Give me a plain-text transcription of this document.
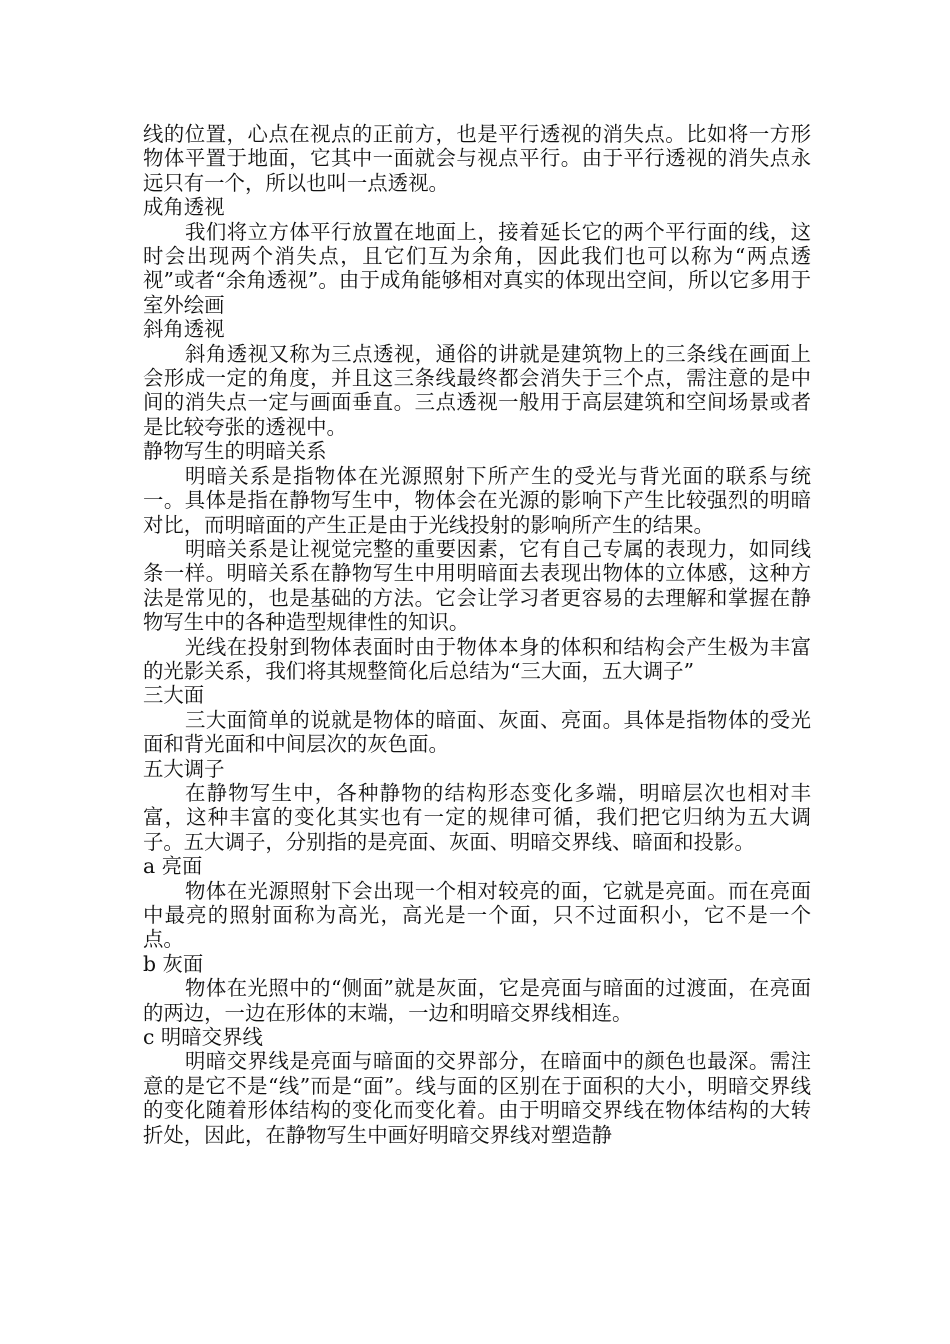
线的位置，心点在视点的正前方，也是平行透视的消失点。比如将一方形物体平置于地面，它其中一面就会与视点平行。由于平行透视的消失点永远只有一个，所以也叫一点透视。

成角透视

我们将立方体平行放置在地面上，接着延长它的两个平行面的线，这时会出现两个消失点，且它们互为余角，因此我们也可以称为“两点透视”或者“余角透视”。由于成角能够相对真实的体现出空间，所以它多用于室外绘画

斜角透视

斜角透视又称为三点透视，通俗的讲就是建筑物上的三条线在画面上会形成一定的角度，并且这三条线最终都会消失于三个点，需注意的是中间的消失点一定与画面垂直。三点透视一般用于高层建筑和空间场景或者是比较夸张的透视中。

静物写生的明暗关系

明暗关系是指物体在光源照射下所产生的受光与背光面的联系与统一。具体是指在静物写生中，物体会在光源的影响下产生比较强烈的明暗对比，而明暗面的产生正是由于光线投射的影响所产生的结果。

明暗关系是让视觉完整的重要因素，它有自己专属的表现力，如同线条一样。明暗关系在静物写生中用明暗面去表现出物体的立体感，这种方法是常见的，也是基础的方法。它会让学习者更容易的去理解和掌握在静物写生中的各种造型规律性的知识。

光线在投射到物体表面时由于物体本身的体积和结构会产生极为丰富的光影关系，我们将其规整简化后总结为“三大面，五大调子”

三大面

三大面简单的说就是物体的暗面、灰面、亮面。具体是指物体的受光面和背光面和中间层次的灰色面。

五大调子

在静物写生中，各种静物的结构形态变化多端，明暗层次也相对丰富，这种丰富的变化其实也有一定的规律可循，我们把它归纳为五大调子。五大调子，分别指的是亮面、灰面、明暗交界线、暗面和投影。

a 亮面

物体在光源照射下会出现一个相对较亮的面，它就是亮面。而在亮面中最亮的照射面称为高光，高光是一个面，只不过面积小，它不是一个点。

b 灰面

物体在光照中的“侧面”就是灰面，它是亮面与暗面的过渡面，在亮面的两边，一边在形体的末端，一边和明暗交界线相连。

c 明暗交界线

明暗交界线是亮面与暗面的交界部分，在暗面中的颜色也最深。需注意的是它不是“线”而是“面”。线与面的区别在于面积的大小，明暗交界线的变化随着形体结构的变化而变化着。由于明暗交界线在物体结构的大转折处，因此，在静物写生中画好明暗交界线对塑造静
